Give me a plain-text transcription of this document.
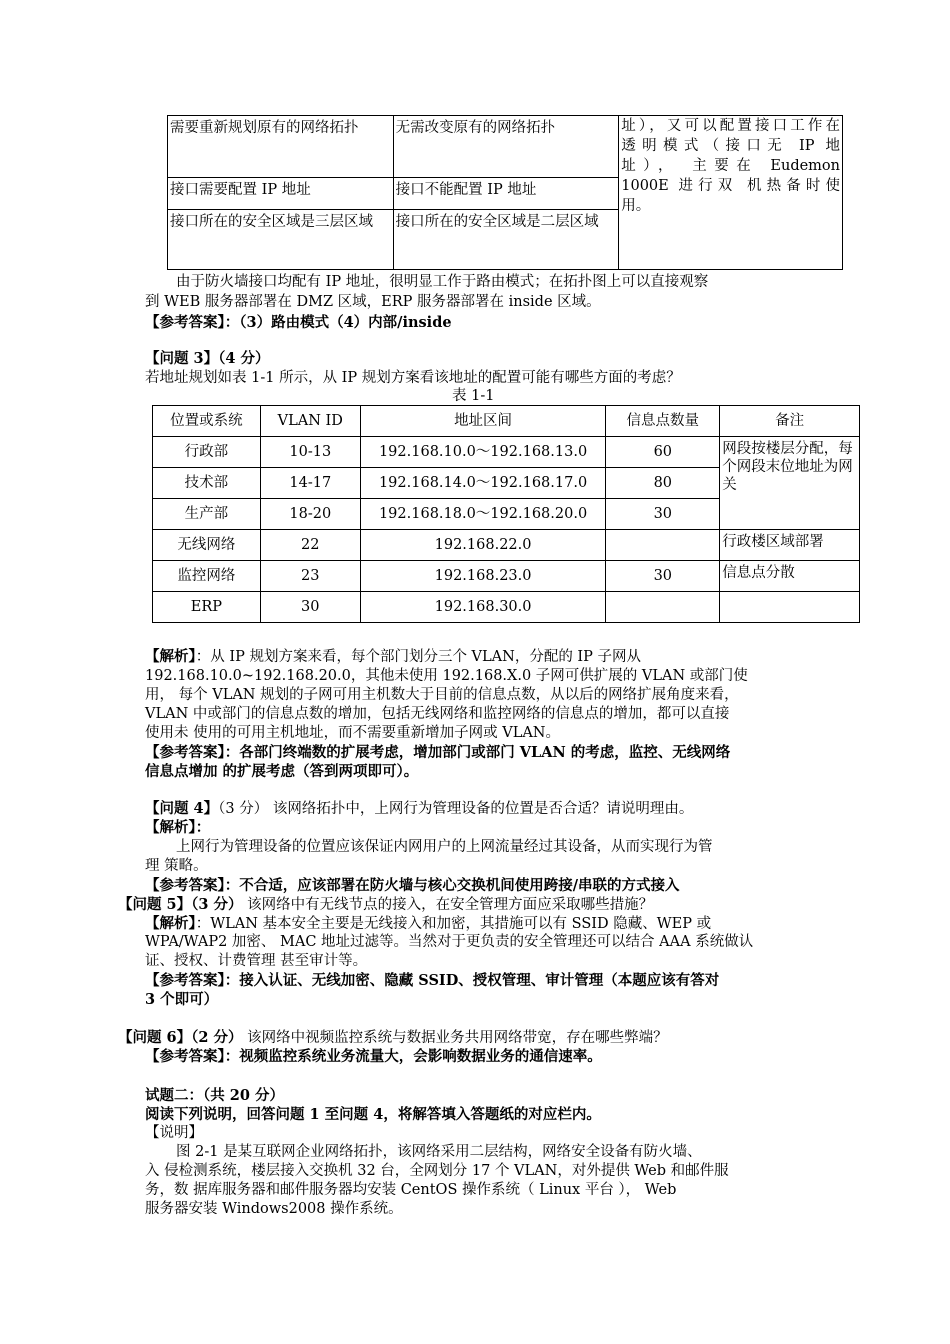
需要重新规划原有的网络拓扑	无需改变原有的网络拓扑	址），又可以配置接口工作在
透明模式（接口无 IP 地
址）， 主要在 Eudemon
1000E 进行双 机热备时使
用。

接口需要配置 IP 地址	接口不能配置 IP 地址	
接口所在的安全区域是三层区域	接口所在的安全区域是二层区域	
由于防火墙接口均配有 IP 地址，很明显工作于路由模式；在拓扑图上可以直接观察
到 WEB 服务器部署在 DMZ 区域，ERP 服务器部署在 inside 区域。
【参考答案】：（3）路由模式（4）内部/inside
【问题 3】（4 分）
若地址规划如表 1-1 所示，从 IP 规划方案看该地址的配置可能有哪些方面的考虑？
表 1-1
位置或系统	VLAN ID	地址区间	信息点数量	备注
行政部	10-13	192.168.10.0～192.168.13.0	60	网段按楼层分配，每个网段末位地址为网关
技术部	14-17	192.168.14.0～192.168.17.0	80	
生产部	18-20	192.168.18.0～192.168.20.0	30	
无线网络	22	192.168.22.0		行政楼区域部署
监控网络	23	192.168.23.0	30	信息点分散
ERP	30	192.168.30.0		
【解析】：从 IP 规划方案来看，每个部门划分三个 VLAN，分配的 IP 子网从
192.168.10.0~192.168.20.0，其他未使用 192.168.X.0 子网可供扩展的 VLAN 或部门使
用， 每个 VLAN 规划的子网可用主机数大于目前的信息点数，从以后的网络扩展角度来看，
VLAN 中或部门的信息点数的增加，包括无线网络和监控网络的信息点的增加，都可以直接
使用未 使用的可用主机地址，而不需要重新增加子网或 VLAN。
【参考答案】：各部门终端数的扩展考虑，增加部门或部门 VLAN 的考虑，监控、无线网络
信息点增加 的扩展考虑（答到两项即可）。
【问题 4】（3 分） 该网络拓扑中，上网行为管理设备的位置是否合适？请说明理由。
【解析】：
上网行为管理设备的位置应该保证内网用户的上网流量经过其设备，从而实现行为管
理 策略。
【参考答案】：不合适，应该部署在防火墙与核心交换机间使用跨接/串联的方式接入
【问题 5】（3 分） 该网络中有无线节点的接入，在安全管理方面应采取哪些措施？
【解析】：WLAN 基本安全主要是无线接入和加密，其措施可以有 SSID 隐藏、WEP 或
WPA/WAP2 加密、 MAC 地址过滤等。当然对于更负责的安全管理还可以结合 AAA 系统做认
证、授权、计费管理 甚至审计等。
【参考答案】：接入认证、无线加密、隐藏 SSID、授权管理、审计管理（本题应该有答对
3 个即可）
【问题 6】（2 分） 该网络中视频监控系统与数据业务共用网络带宽，存在哪些弊端？
【参考答案】：视频监控系统业务流量大，会影响数据业务的通信速率。
试题二：（共 20 分）
阅读下列说明，回答问题 1 至问题 4，将解答填入答题纸的对应栏内。
【说明】
图 2-1 是某互联网企业网络拓扑，该网络采用二层结构，网络安全设备有防火墙、
入 侵检测系统，楼层接入交换机 32 台，全网划分 17 个 VLAN，对外提供 Web 和邮件服
务，数 据库服务器和邮件服务器均安装 CentOS 操作系统（ Linux 平台 ）， Web
服务器安装 Windows2008 操作系统。
